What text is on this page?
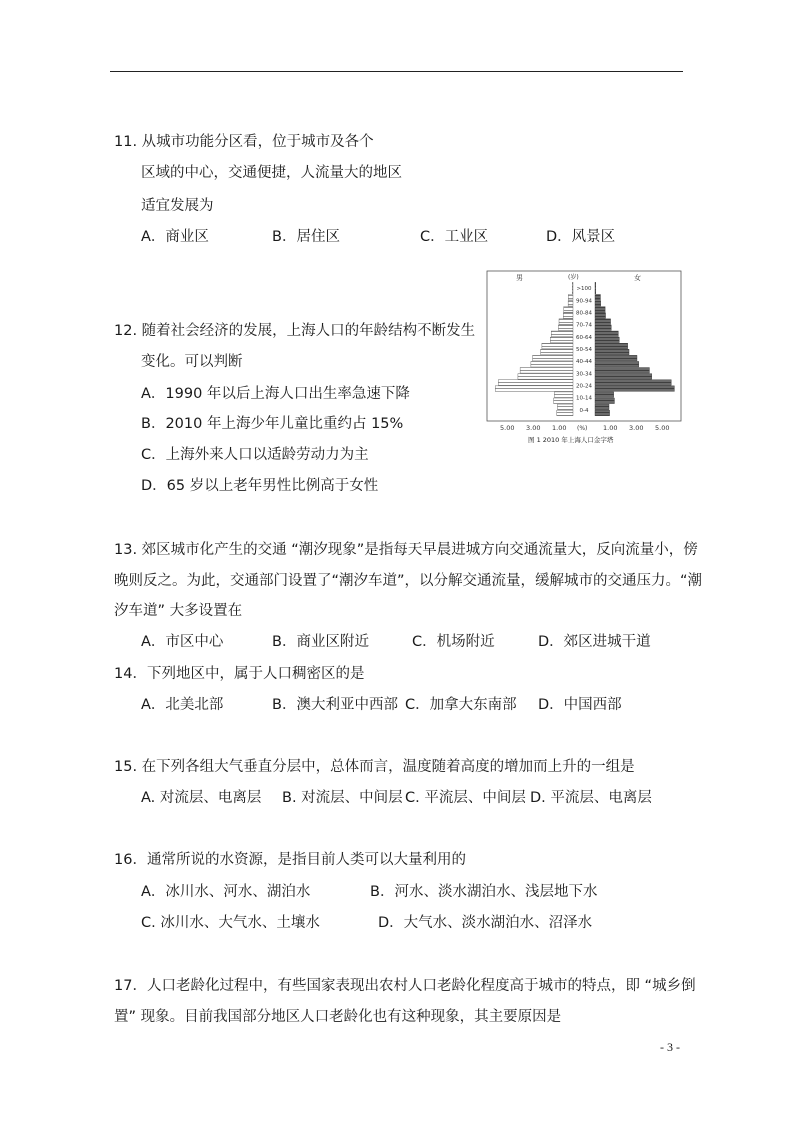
11. 从城市功能分区看，位于城市及各个
区域的中心，交通便捷，人流量大的地区
适宜发展为
A．商业区	B．居住区	C．工业区	D．风景区
12. 随着社会经济的发展，上海人口的年龄结构不断发生
变化。可以判断
A．1990 年以后上海人口出生率急速下降
B．2010 年上海少年儿童比重约占 15%
C．上海外来人口以适龄劳动力为主
D．65 岁以上老年男性比例高于女性
男	女
(岁)
>100
90-94
80-84
70-74
60-64
50-54
40-44
30-34
20-24
10-14
0-4
5.00 3.00 1.00 (%) 1.00 3.00 5.00
图 1 2010 年上海人口金字塔
13. 郊区城市化产生的交通 “潮汐现象”是指每天早晨进城方向交通流量大，反向流量小，傍
晚则反之。为此，交通部门设置了“潮汐车道”，以分解交通流量，缓解城市的交通压力。“潮
汐车道” 大多设置在
A．市区中心	B．商业区附近	C．机场附近	D．郊区进城干道
14．下列地区中，属于人口稠密区的是
A．北美北部	B．澳大利亚中西部 C．加拿大东南部 D．中国西部
15. 在下列各组大气垂直分层中，总体而言，温度随着高度的增加而上升的一组是
A. 对流层、电离层 B. 对流层、中间层 C. 平流层、中间层 D. 平流层、电离层
16．通常所说的水资源，是指目前人类可以大量利用的
A．冰川水、河水、湖泊水	B．河水、淡水湖泊水、浅层地下水
C. 冰川水、大气水、土壤水	D．大气水、淡水湖泊水、沼泽水
17．人口老龄化过程中，有些国家表现出农村人口老龄化程度高于城市的特点，即 “城乡倒
置” 现象。目前我国部分地区人口老龄化也有这种现象，其主要原因是
- 3 -
